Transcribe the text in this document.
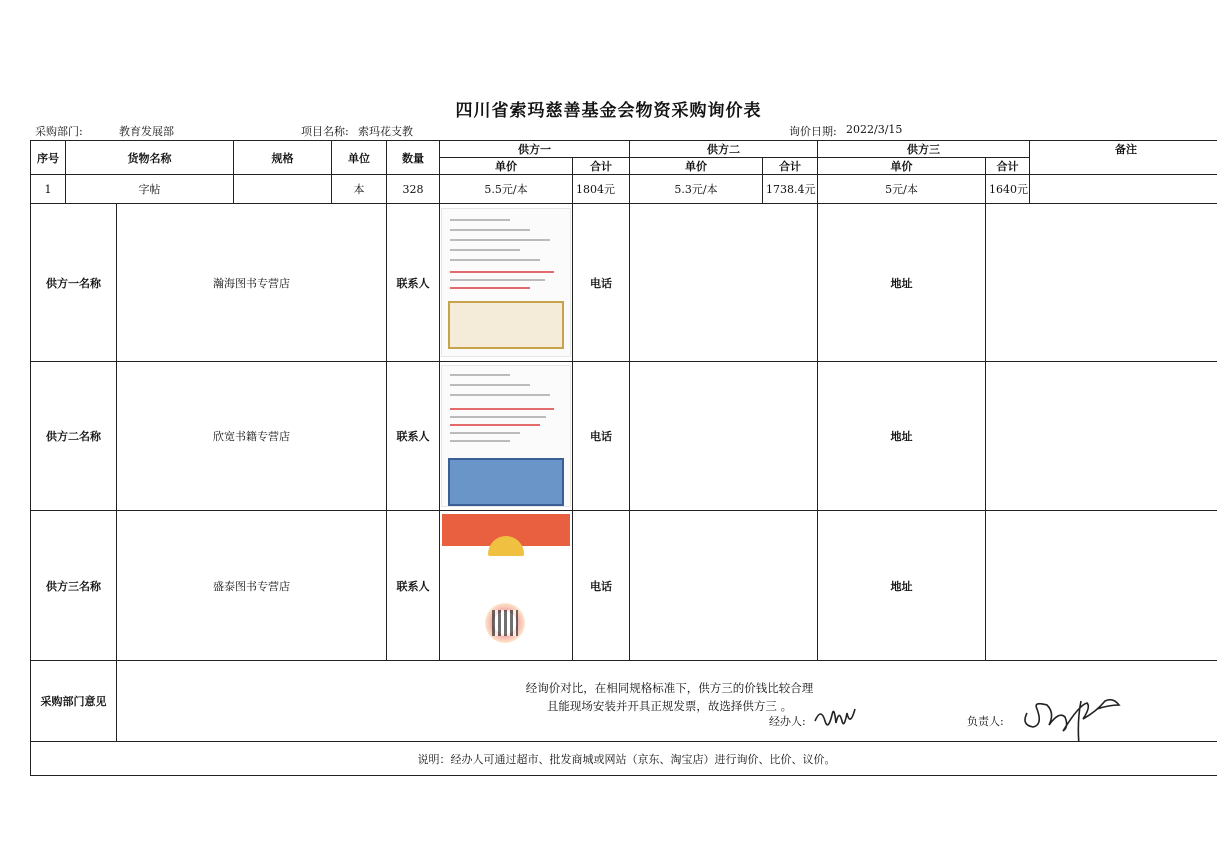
四川省索玛慈善基金会物资采购询价表
采购部门:	教育发展部	项目名称: 索玛花支教	询价日期: 2022/3/15
序号	货物名称		规格	单位	数量	供方一		供方二		供方三		备注
						单价	合计	单价	合计	单价	合计	
1	字帖			本	328	5.5元/本	1804元	5.3元/本	1738.4元	5元/本	1640元	
供方一名称		瀚海图书专营店			联系人		电话			地址		
供方二名称		欣宽书籍专营店			联系人		电话			地址		
供方三名称		盛泰图书专营店			联系人		电话			地址		
采购部门意见		经询价对比，在相同规格标准下，供方三的价钱比较合理
且能现场安装并开具正规发票，故选择供方三 。
经办人: 负责人:										

说明：经办人可通过超市、批发商城或网站（京东、淘宝店）进行询价、比价、议价。												
